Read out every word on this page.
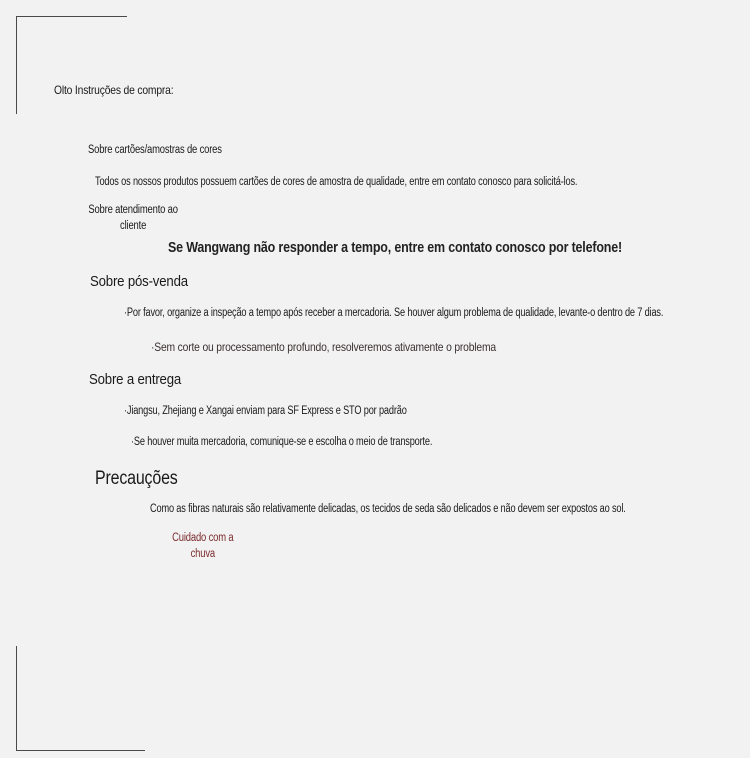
Olto Instruções de compra:
Sobre cartões/amostras de cores
Todos os nossos produtos possuem cartões de cores de amostra de qualidade, entre em contato conosco para solicitá-los.
Sobre atendimento ao cliente
Se Wangwang não responder a tempo, entre em contato conosco por telefone!
Sobre pós-venda
·Por favor, organize a inspeção a tempo após receber a mercadoria. Se houver algum problema de qualidade, levante-o dentro de 7 dias.
·Sem corte ou processamento profundo, resolveremos ativamente o problema
Sobre a entrega
·Jiangsu, Zhejiang e Xangai enviam para SF Express e STO por padrão
·Se houver muita mercadoria, comunique-se e escolha o meio de transporte.
Precauções
Como as fibras naturais são relativamente delicadas, os tecidos de seda são delicados e não devem ser expostos ao sol.
Cuidado com a chuva
